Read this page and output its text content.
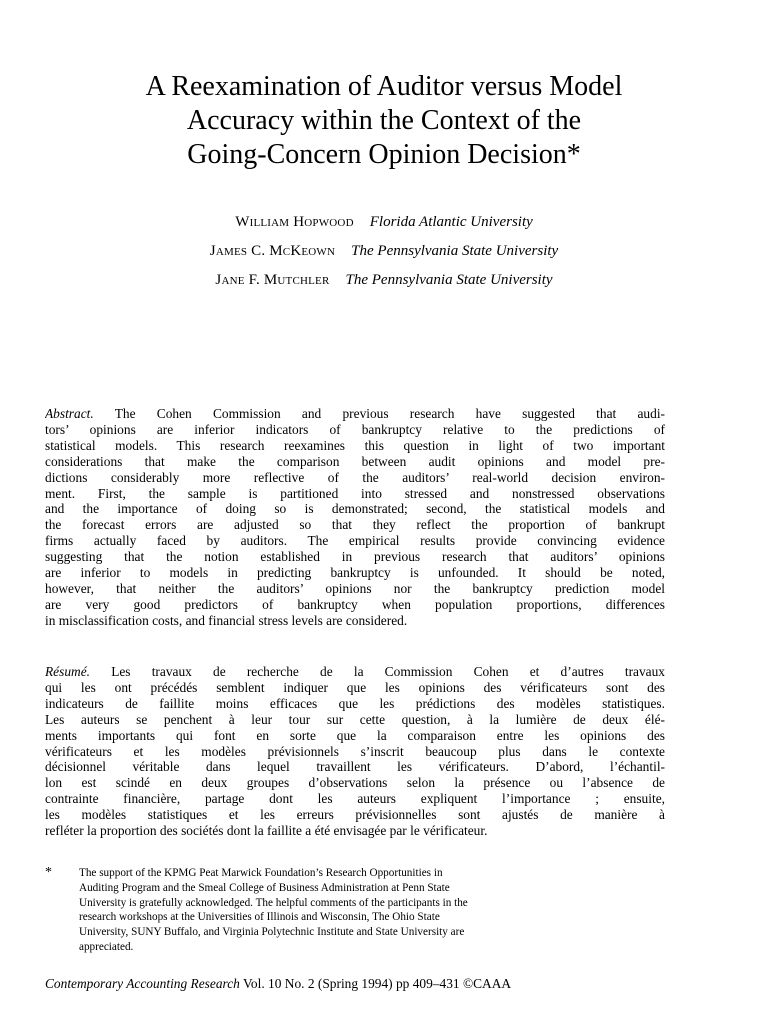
A Reexamination of Auditor versus Model
Accuracy within the Context of the
Going-Concern Opinion Decision*
William Hopwood Florida Atlantic University
James C. McKeown The Pennsylvania State University
Jane F. Mutchler The Pennsylvania State University
Abstract. The Cohen Commission and previous research have suggested that audi-
tors’ opinions are inferior indicators of bankruptcy relative to the predictions of
statistical models. This research reexamines this question in light of two important
considerations that make the comparison between audit opinions and model pre-
dictions considerably more reflective of the auditors’ real-world decision environ-
ment. First, the sample is partitioned into stressed and nonstressed observations
and the importance of doing so is demonstrated; second, the statistical models and
the forecast errors are adjusted so that they reflect the proportion of bankrupt
firms actually faced by auditors. The empirical results provide convincing evidence
suggesting that the notion established in previous research that auditors’ opinions
are inferior to models in predicting bankruptcy is unfounded. It should be noted,
however, that neither the auditors’ opinions nor the bankruptcy prediction model
are very good predictors of bankruptcy when population proportions, differences
in misclassification costs, and financial stress levels are considered.
Résumé. Les travaux de recherche de la Commission Cohen et d’autres travaux
qui les ont précédés semblent indiquer que les opinions des vérificateurs sont des
indicateurs de faillite moins efficaces que les prédictions des modèles statistiques.
Les auteurs se penchent à leur tour sur cette question, à la lumière de deux élé-
ments importants qui font en sorte que la comparaison entre les opinions des
vérificateurs et les modèles prévisionnels s’inscrit beaucoup plus dans le contexte
décisionnel véritable dans lequel travaillent les vérificateurs. D’abord, l’échantil-
lon est scindé en deux groupes d’observations selon la présence ou l’absence de
contrainte financière, partage dont les auteurs expliquent l’importance ; ensuite,
les modèles statistiques et les erreurs prévisionnelles sont ajustés de manière à
refléter la proportion des sociétés dont la faillite a été envisagée par le vérificateur.
* The support of the KPMG Peat Marwick Foundation’s Research Opportunities in
Auditing Program and the Smeal College of Business Administration at Penn State
University is gratefully acknowledged. The helpful comments of the participants in the
research workshops at the Universities of Illinois and Wisconsin, The Ohio State
University, SUNY Buffalo, and Virginia Polytechnic Institute and State University are
appreciated.
Contemporary Accounting Research Vol. 10 No. 2 (Spring 1994) pp 409–431 ©CAAA
